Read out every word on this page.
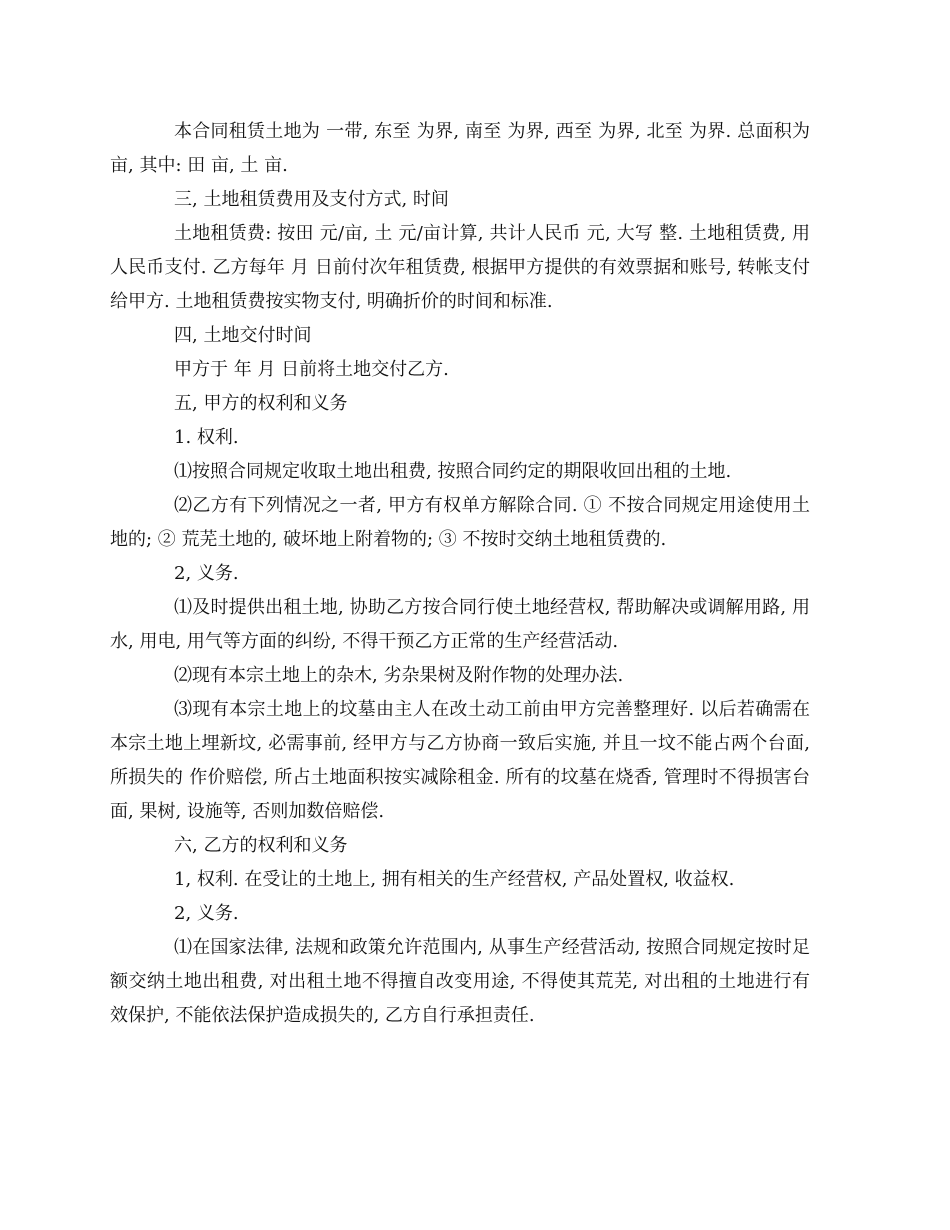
本合同租赁土地为 一带, 东至 为界, 南至 为界, 西至 为界, 北至 为界. 总面积为 亩, 其中: 田 亩, 土 亩.

三, 土地租赁费用及支付方式, 时间

土地租赁费: 按田 元/亩, 土 元/亩计算, 共计人民币 元, 大写 整. 土地租赁费, 用人民币支付. 乙方每年 月 日前付次年租赁费, 根据甲方提供的有效票据和账号, 转帐支付给甲方. 土地租赁费按实物支付, 明确折价的时间和标准.

四, 土地交付时间

甲方于 年 月 日前将土地交付乙方.

五, 甲方的权利和义务

1. 权利.

⑴按照合同规定收取土地出租费, 按照合同约定的期限收回出租的土地.

⑵乙方有下列情况之一者, 甲方有权单方解除合同. ① 不按合同规定用途使用土地的; ② 荒芜土地的, 破坏地上附着物的; ③ 不按时交纳土地租赁费的.

2, 义务.

⑴及时提供出租土地, 协助乙方按合同行使土地经营权, 帮助解决或调解用路, 用水, 用电, 用气等方面的纠纷, 不得干预乙方正常的生产经营活动.

⑵现有本宗土地上的杂木, 劣杂果树及附作物的处理办法.

⑶现有本宗土地上的坟墓由主人在改土动工前由甲方完善整理好. 以后若确需在本宗土地上埋新坟, 必需事前, 经甲方与乙方协商一致后实施, 并且一坟不能占两个台面, 所损失的 作价赔偿, 所占土地面积按实减除租金. 所有的坟墓在烧香, 管理时不得损害台面, 果树, 设施等, 否则加数倍赔偿.

六, 乙方的权利和义务

1, 权利. 在受让的土地上, 拥有相关的生产经营权, 产品处置权, 收益权.

2, 义务.

⑴在国家法律, 法规和政策允许范围内, 从事生产经营活动, 按照合同规定按时足额交纳土地出租费, 对出租土地不得擅自改变用途, 不得使其荒芜, 对出租的土地进行有效保护, 不能依法保护造成损失的, 乙方自行承担责任.
